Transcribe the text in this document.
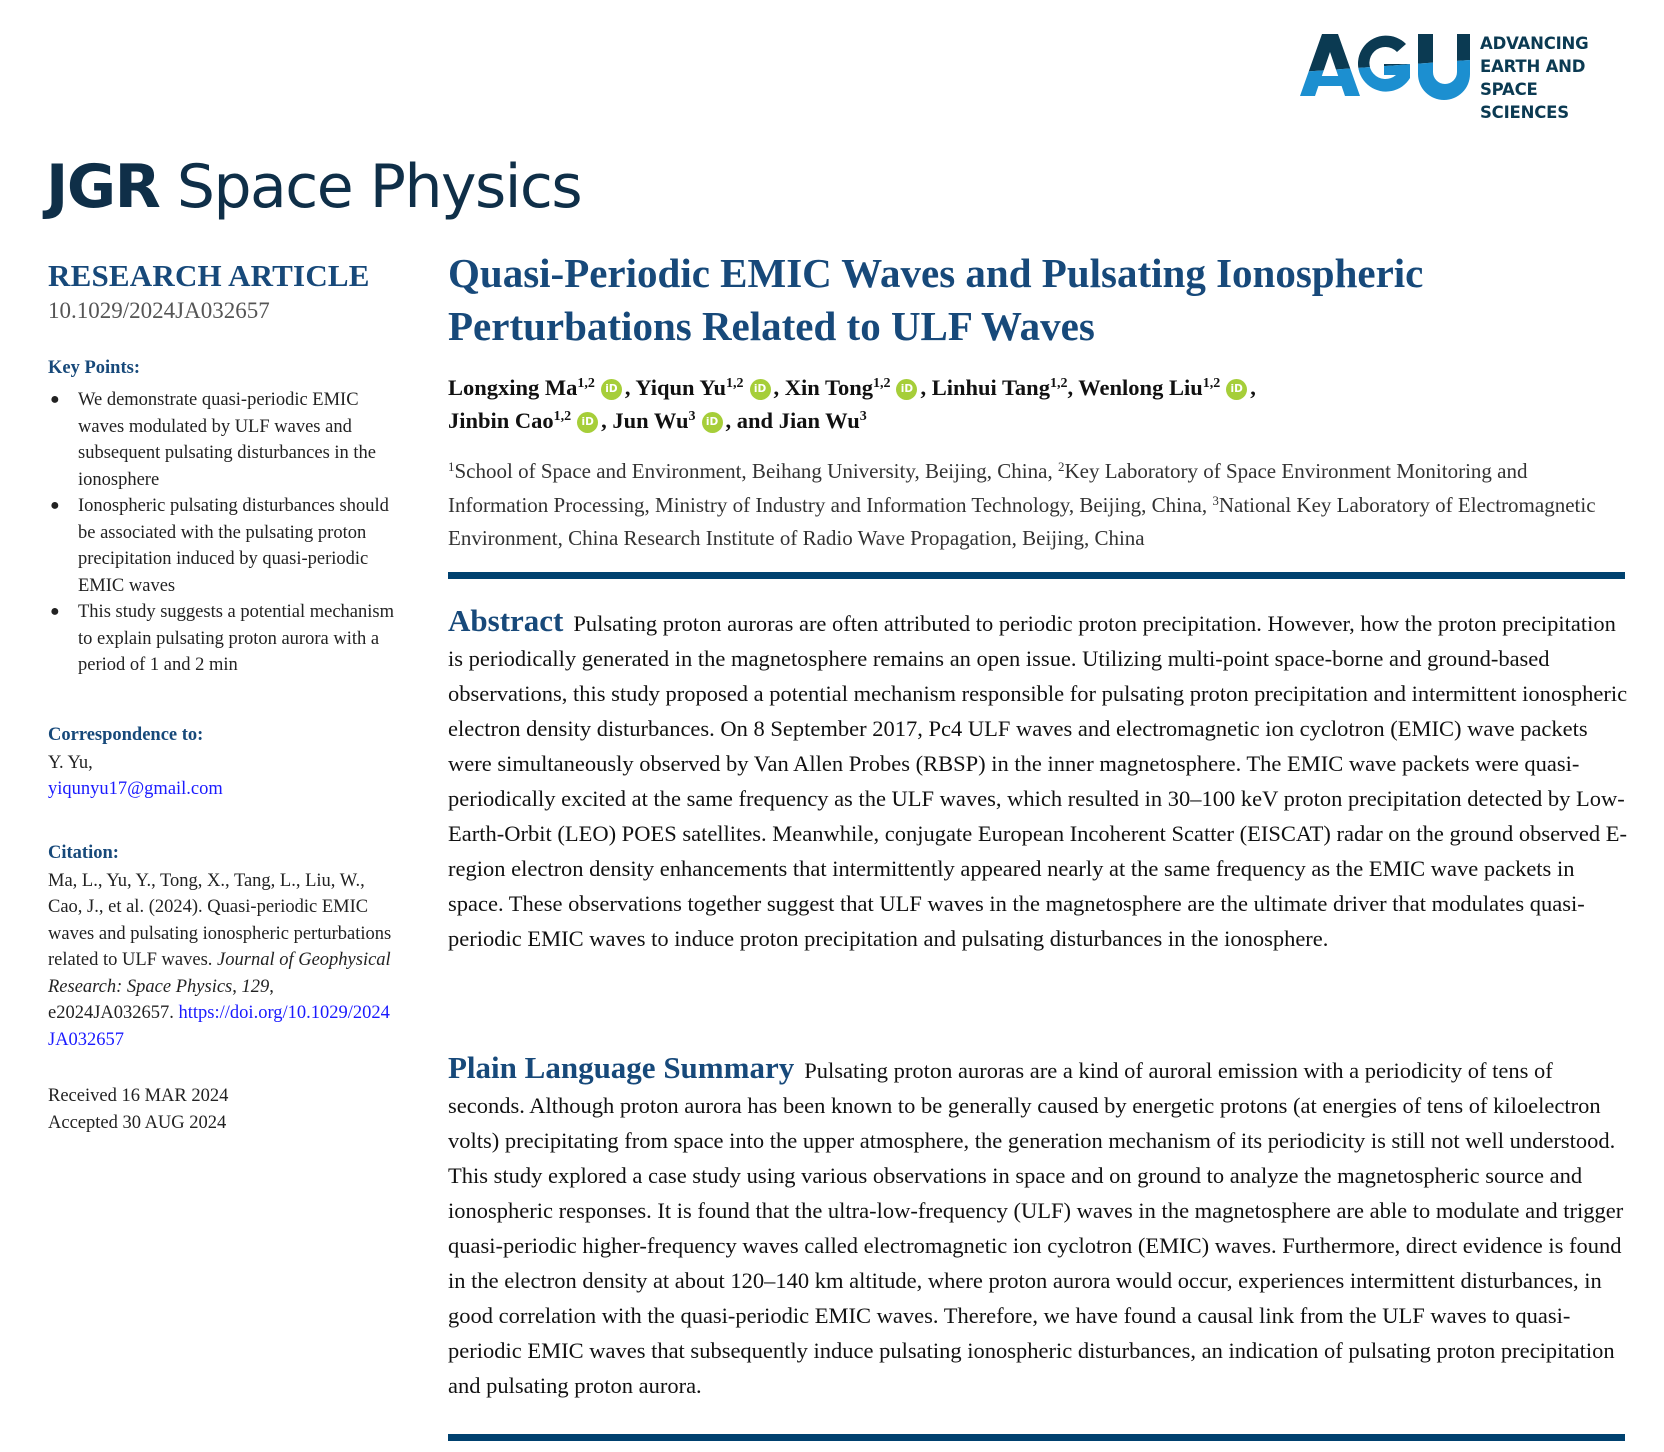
ADVANCING
EARTH AND
SPACE SCIENCES
JGR Space Physics
RESEARCH ARTICLE
10.1029/2024JA032657
Key Points:
● We demonstrate quasi-periodic EMIC waves modulated by ULF waves and subsequent pulsating disturbances in the ionosphere
● Ionospheric pulsating disturbances should be associated with the pulsating proton precipitation induced by quasi-periodic EMIC waves
● This study suggests a potential mechanism to explain pulsating proton aurora with a period of 1 and 2 min
Correspondence to:
Y. Yu,
yiqunyu17@gmail.com
Citation:
Ma, L., Yu, Y., Tong, X., Tang, L., Liu, W., Cao, J., et al. (2024). Quasi-periodic EMIC waves and pulsating ionospheric perturbations related to ULF waves. Journal of Geophysical Research: Space Physics, 129, e2024JA032657. https://doi.org/10.1029/2024JA032657
Received 16 MAR 2024
Accepted 30 AUG 2024
Quasi-Periodic EMIC Waves and Pulsating Ionospheric Perturbations Related to ULF Waves
Longxing Ma$^{1,2}$ iD , Yiqun Yu$^{1,2}$ iD , Xin Tong$^{1,2}$ iD , Linhui Tang$^{1,2}$, Wenlong Liu$^{1,2}$ iD ,
Jinbin Cao$^{1,2}$ iD , Jun Wu$^3$ iD , and Jian Wu$^3$
$^1$School of Space and Environment, Beihang University, Beijing, China, $^2$Key Laboratory of Space Environment Monitoring and Information Processing, Ministry of Industry and Information Technology, Beijing, China, $^3$National Key Laboratory of Electromagnetic Environment, China Research Institute of Radio Wave Propagation, Beijing, China
Abstract Pulsating proton auroras are often attributed to periodic proton precipitation. However, how the proton precipitation is periodically generated in the magnetosphere remains an open issue. Utilizing multi-point space-borne and ground-based observations, this study proposed a potential mechanism responsible for pulsating proton precipitation and intermittent ionospheric electron density disturbances. On 8 September 2017, Pc4 ULF waves and electromagnetic ion cyclotron (EMIC) wave packets were simultaneously observed by Van Allen Probes (RBSP) in the inner magnetosphere. The EMIC wave packets were quasi-periodically excited at the same frequency as the ULF waves, which resulted in 30–100 keV proton precipitation detected by Low-Earth-Orbit (LEO) POES satellites. Meanwhile, conjugate European Incoherent Scatter (EISCAT) radar on the ground observed E-region electron density enhancements that intermittently appeared nearly at the same frequency as the EMIC wave packets in space. These observations together suggest that ULF waves in the magnetosphere are the ultimate driver that modulates quasi-periodic EMIC waves to induce proton precipitation and pulsating disturbances in the ionosphere.
Plain Language Summary Pulsating proton auroras are a kind of auroral emission with a periodicity of tens of seconds. Although proton aurora has been known to be generally caused by energetic protons (at energies of tens of kiloelectron volts) precipitating from space into the upper atmosphere, the generation mechanism of its periodicity is still not well understood. This study explored a case study using various observations in space and on ground to analyze the magnetospheric source and ionospheric responses. It is found that the ultra-low-frequency (ULF) waves in the magnetosphere are able to modulate and trigger quasi-periodic higher-frequency waves called electromagnetic ion cyclotron (EMIC) waves. Furthermore, direct evidence is found in the electron density at about 120–140 km altitude, where proton aurora would occur, experiences intermittent disturbances, in good correlation with the quasi-periodic EMIC waves. Therefore, we have found a causal link from the ULF waves to quasi-periodic EMIC waves that subsequently induce pulsating ionospheric disturbances, an indication of pulsating proton precipitation and pulsating proton aurora.
